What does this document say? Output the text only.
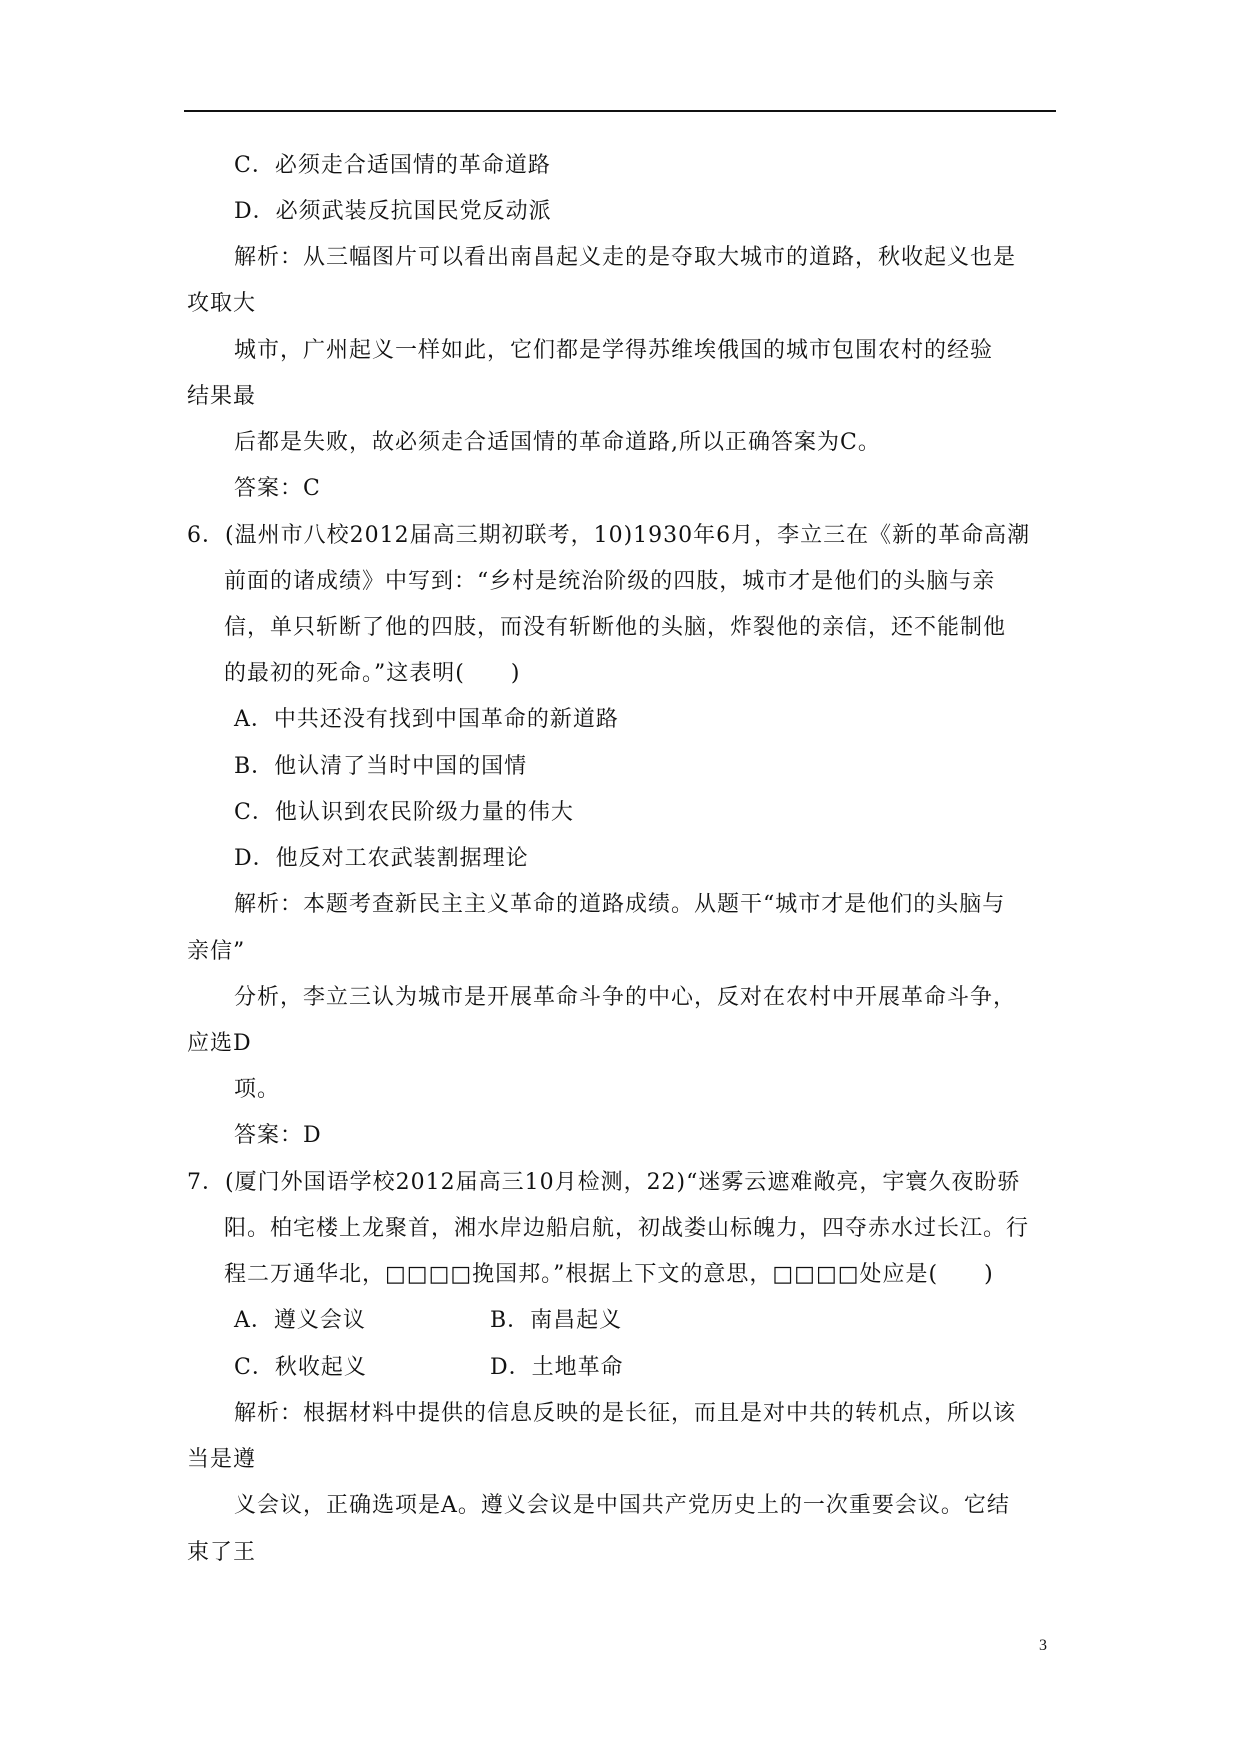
C．必须走合适国情的革命道路
D．必须武装反抗国民党反动派
解析：从三幅图片可以看出南昌起义走的是夺取大城市的道路，秋收起义也是
攻取大
城市，广州起义一样如此，它们都是学得苏维埃俄国的城市包围农村的经验
结果最
后都是失败，故必须走合适国情的革命道路,所以正确答案为C。
答案：C
6．(温州市八校2012届高三期初联考，10)1930年6月，李立三在《新的革命高潮
前面的诸成绩》中写到：“乡村是统治阶级的四肢，城市才是他们的头脑与亲
信，单只斩断了他的四肢，而没有斩断他的头脑，炸裂他的亲信，还不能制他
的最初的死命。”这表明(　　)
A．中共还没有找到中国革命的新道路
B．他认清了当时中国的国情
C．他认识到农民阶级力量的伟大
D．他反对工农武装割据理论
解析：本题考查新民主主义革命的道路成绩。从题干“城市才是他们的头脑与
亲信”
分析，李立三认为城市是开展革命斗争的中心，反对在农村中开展革命斗争，
应选D
项。
答案：D
7．(厦门外国语学校2012届高三10月检测，22)“迷雾云遮难敞亮，宇寰久夜盼骄
阳。柏宅楼上龙聚首，湘水岸边船启航，初战娄山标魄力，四夺赤水过长江。行
程二万通华北，□□□□挽国邦。”根据上下文的意思，□□□□处应是(　　)
A．遵义会议	B．南昌起义
C．秋收起义	D．土地革命
解析：根据材料中提供的信息反映的是长征，而且是对中共的转机点，所以该
当是遵
义会议，正确选项是A。遵义会议是中国共产党历史上的一次重要会议。它结
束了王
3
